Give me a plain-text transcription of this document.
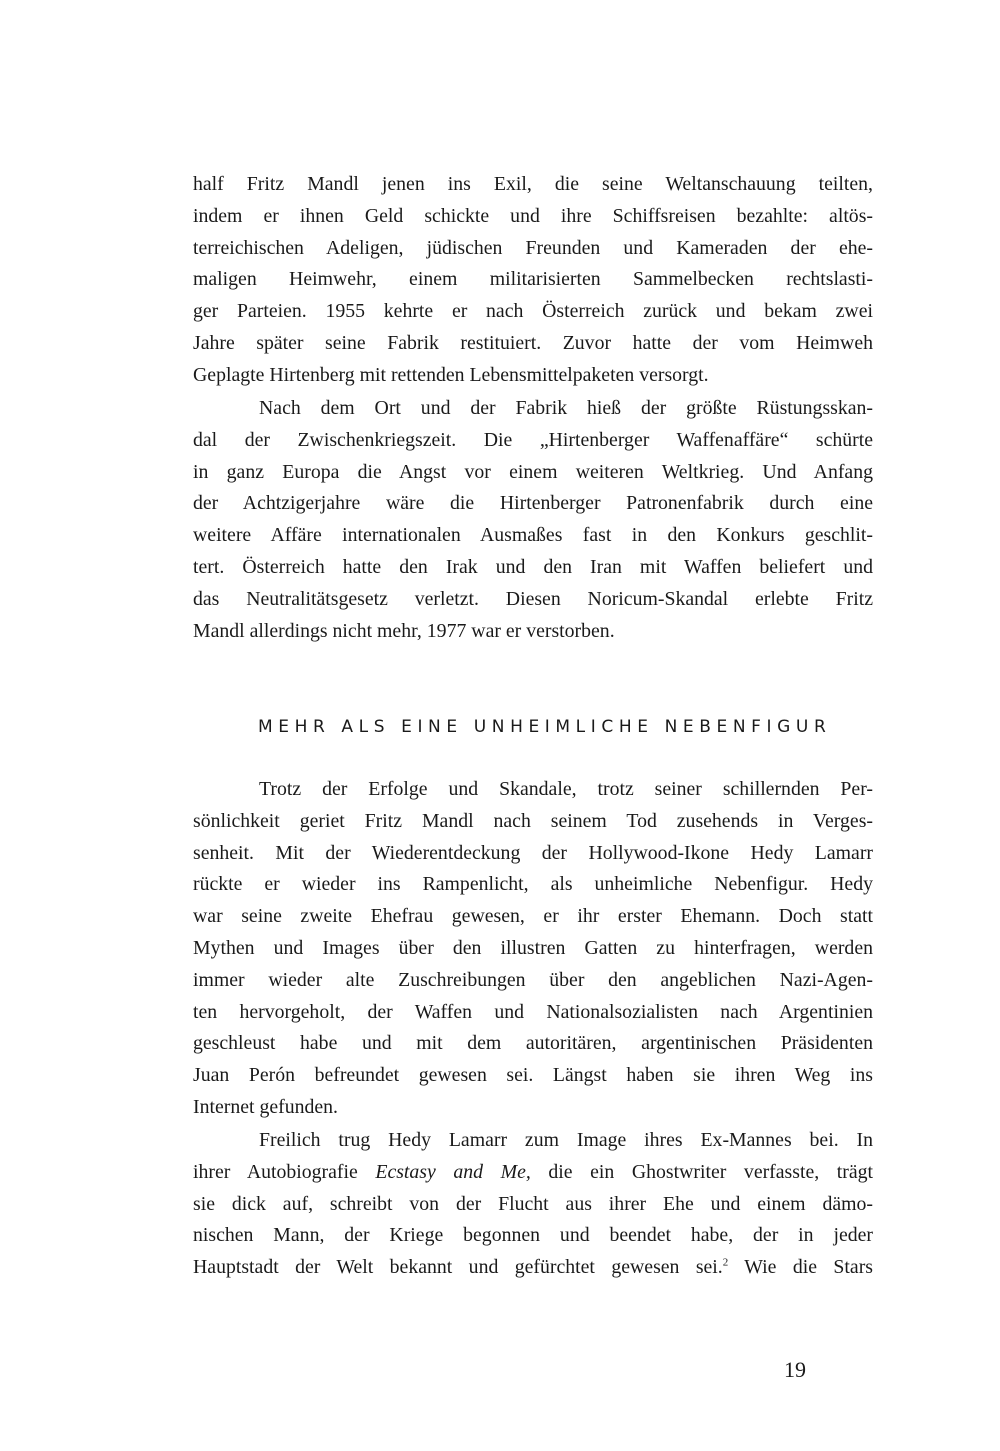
half Fritz Mandl jenen ins Exil, die seine Weltanschauung teilten,
indem er ihnen Geld schickte und ihre Schiffsreisen bezahlte: altös-
terreichischen Adeligen, jüdischen Freunden und Kameraden der ehe-
maligen Heimwehr, einem militarisierten Sammelbecken rechtslasti-
ger Parteien. 1955 kehrte er nach Österreich zurück und bekam zwei
Jahre später seine Fabrik restituiert. Zuvor hatte der vom Heimweh
Geplagte Hirtenberg mit rettenden Lebensmittelpaketen versorgt.
Nach dem Ort und der Fabrik hieß der größte Rüstungsskan-
dal der Zwischenkriegszeit. Die „Hirtenberger Waffenaffäre“ schürte
in ganz Europa die Angst vor einem weiteren Weltkrieg. Und Anfang
der Achtzigerjahre wäre die Hirtenberger Patronenfabrik durch eine
weitere Affäre internationalen Ausmaßes fast in den Konkurs geschlit-
tert. Österreich hatte den Irak und den Iran mit Waffen beliefert und
das Neutralitätsgesetz verletzt. Diesen Noricum-Skandal erlebte Fritz
Mandl allerdings nicht mehr, 1977 war er verstorben.
MEHR ALS EINE UNHEIMLICHE NEBENFIGUR
Trotz der Erfolge und Skandale, trotz seiner schillernden Per-
sönlichkeit geriet Fritz Mandl nach seinem Tod zusehends in Verges-
senheit. Mit der Wiederentdeckung der Hollywood-Ikone Hedy Lamarr
rückte er wieder ins Rampenlicht, als unheimliche Nebenfigur. Hedy
war seine zweite Ehefrau gewesen, er ihr erster Ehemann. Doch statt
Mythen und Images über den illustren Gatten zu hinterfragen, werden
immer wieder alte Zuschreibungen über den angeblichen Nazi-Agen-
ten hervorgeholt, der Waffen und Nationalsozialisten nach Argentinien
geschleust habe und mit dem autoritären, argentinischen Präsidenten
Juan Perón befreundet gewesen sei. Längst haben sie ihren Weg ins
Internet gefunden.
Freilich trug Hedy Lamarr zum Image ihres Ex-Mannes bei. In
ihrer Autobiografie Ecstasy and Me, die ein Ghostwriter verfasste, trägt
sie dick auf, schreibt von der Flucht aus ihrer Ehe und einem dämo-
nischen Mann, der Kriege begonnen und beendet habe, der in jeder
Hauptstadt der Welt bekannt und gefürchtet gewesen sei.$^2$ Wie die Stars
19
